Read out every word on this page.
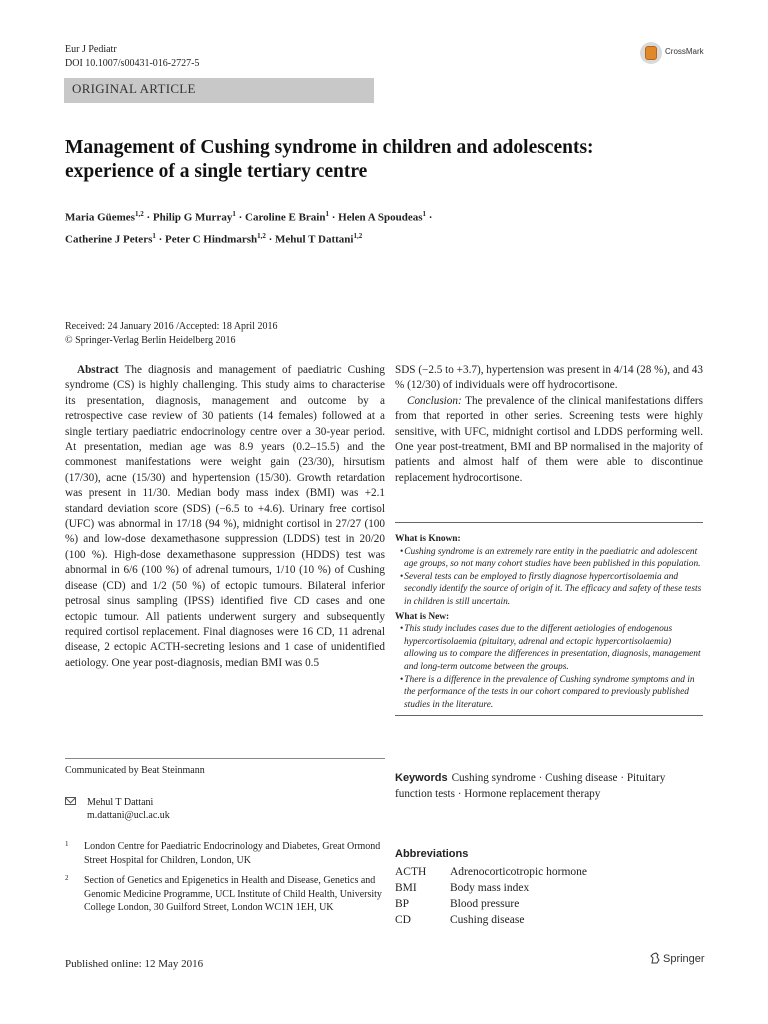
Eur J Pediatr
DOI 10.1007/s00431-016-2727-5
CrossMark
ORIGINAL ARTICLE
Management of Cushing syndrome in children and adolescents:
experience of a single tertiary centre
Maria Güemes$^{1,2}$ · Philip G Murray$^1$ · Caroline E Brain$^1$ · Helen A Spoudeas$^1$ ·
Catherine J Peters$^1$ · Peter C Hindmarsh$^{1,2}$ · Mehul T Dattani$^{1,2}$
Received: 24 January 2016 /Accepted: 18 April 2016
© Springer-Verlag Berlin Heidelberg 2016
Abstract The diagnosis and management of paediatric Cushing syndrome (CS) is highly challenging. This study aims to characterise its presentation, diagnosis, management and outcome by a retrospective case review of 30 patients (14 females) followed at a single tertiary paediatric endocrinology centre over a 30-year period. At presentation, median age was 8.9 years (0.2–15.5) and the commonest manifestations were weight gain (23/30), hirsutism (17/30), acne (15/30) and hypertension (15/30). Growth retardation was present in 11/30. Median body mass index (BMI) was +2.1 standard deviation score (SDS) (−6.5 to +4.6). Urinary free cortisol (UFC) was abnormal in 17/18 (94 %), midnight cortisol in 27/27 (100 %) and low-dose dexamethasone suppression (LDDS) test in 20/20 (100 %). High-dose dexamethasone suppression (HDDS) test was abnormal in 6/6 (100 %) of adrenal tumours, 1/10 (10 %) of Cushing disease (CD) and 1/2 (50 %) of ectopic tumours. Bilateral inferior petrosal sinus sampling (IPSS) identified five CD cases and one ectopic tumour. All patients underwent surgery and subsequently required cortisol replacement. Final diagnoses were 16 CD, 11 adrenal disease, 2 ectopic ACTH-secreting lesions and 1 case of unidentified aetiology. One year post-diagnosis, median BMI was 0.5

SDS (−2.5 to +3.7), hypertension was present in 4/14 (28 %), and 43 % (12/30) of individuals were off hydrocortisone.

Conclusion: The prevalence of the clinical manifestations differs from that reported in other series. Screening tests were highly sensitive, with UFC, midnight cortisol and LDDS performing well. One year post-treatment, BMI and BP normalised in the majority of patients and almost half of them were able to discontinue replacement hydrocortisone.

What is Known:
• Cushing syndrome is an extremely rare entity in the paediatric and adolescent age groups, so not many cohort studies have been published in this population.
• Several tests can be employed to firstly diagnose hypercortisolaemia and secondly identify the source of origin of it. The efficacy and safety of these tests in children is still uncertain.
What is New:
• This study includes cases due to the different aetiologies of endogenous hypercortisolaemia (pituitary, adrenal and ectopic hypercortisolaemia) allowing us to compare the differences in presentation, diagnosis, management and long-term outcome between the groups.
• There is a difference in the prevalence of Cushing syndrome symptoms and in the performance of the tests in our cohort compared to previously published studies in the literature.
Communicated by Beat Steinmann
Mehul T Dattani
m.dattani@ucl.ac.uk
1 London Centre for Paediatric Endocrinology and Diabetes, Great Ormond Street Hospital for Children, London, UK
2 Section of Genetics and Epigenetics in Health and Disease, Genetics and Genomic Medicine Programme, UCL Institute of Child Health, University College London, 30 Guilford Street, London WC1N 1EH, UK
Keywords Cushing syndrome · Cushing disease · Pituitary function tests · Hormone replacement therapy
Abbreviations
ACTH Adrenocorticotropic hormone
BMI	Body mass index
BP	Blood pressure
CD	Cushing disease
Published online: 12 May 2016	Springer
